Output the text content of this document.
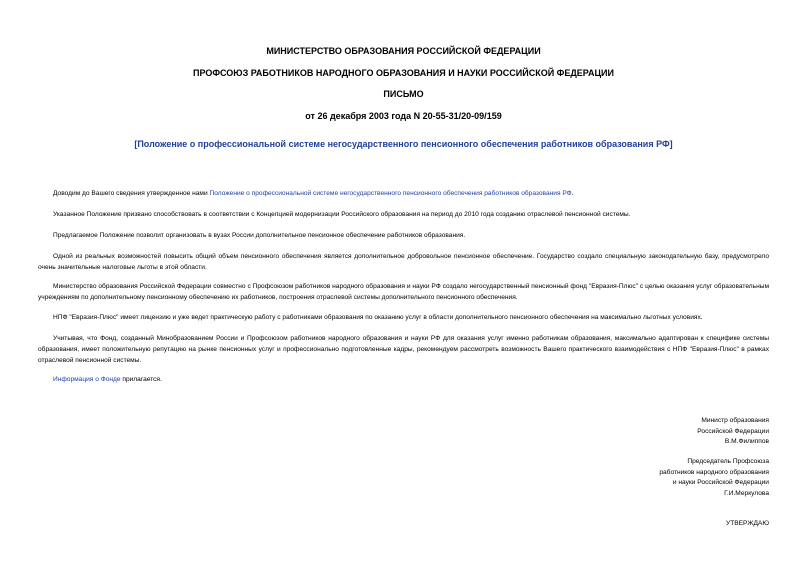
МИНИСТЕРСТВО ОБРАЗОВАНИЯ РОССИЙСКОЙ ФЕДЕРАЦИИ
ПРОФСОЮЗ РАБОТНИКОВ НАРОДНОГО ОБРАЗОВАНИЯ И НАУКИ РОССИЙСКОЙ ФЕДЕРАЦИИ
ПИСЬМО
от 26 декабря 2003 года N 20-55-31/20-09/159
[Положение о профессиональной системе негосударственного пенсионного обеспечения работников образования РФ]
Доводим до Вашего сведения утвержденное нами Положение о профессиональной системе негосударственного пенсионного обеспечения работников образования РФ.
Указанное Положение призвано способствовать в соответствии с Концепцией модернизации Российского образования на период до 2010 года созданию отраслевой пенсионной системы.
Предлагаемое Положение позволит организовать в вузах России дополнительное пенсионное обеспечение работников образования.
Одной из реальных возможностей повысить общий объем пенсионного обеспечения является дополнительное добровольное пенсионное обеспечение. Государство создало специальную законодательную базу, предусмотрело очень значительные налоговые льготы в этой области.
Министерство образования Российской Федерации совместно с Профсоюзом работников народного образования и науки РФ создало негосударственный пенсионный фонд "Евразия-Плюс" с целью оказания услуг образовательным учреждениям по дополнительному пенсионному обеспечению их работников, построения отраслевой системы дополнительного пенсионного обеспечения.
НПФ "Евразия-Плюс" имеет лицензию и уже ведет практическую работу с работниками образования по оказанию услуг в области дополнительного пенсионного обеспечения на максимально льготных условиях.
Учитывая, что Фонд, созданный Минобразованием России и Профсоюзом работников народного образования и науки РФ для оказания услуг именно работникам образования, максимально адаптирован к специфике системы образования, имеет положительную репутацию на рынке пенсионных услуг и профессионально подготовленные кадры, рекомендуем рассмотреть возможность Вашего практического взаимодействия с НПФ "Евразия-Плюс" в рамках отраслевой пенсионной системы.
Информация о Фонде прилагается.
Министр образования
Российской Федерации
В.М.Филиппов
Председатель Профсоюза
работников народного образования
и науки Российской Федерации
Г.И.Меркулова
УТВЕРЖДАЮ
